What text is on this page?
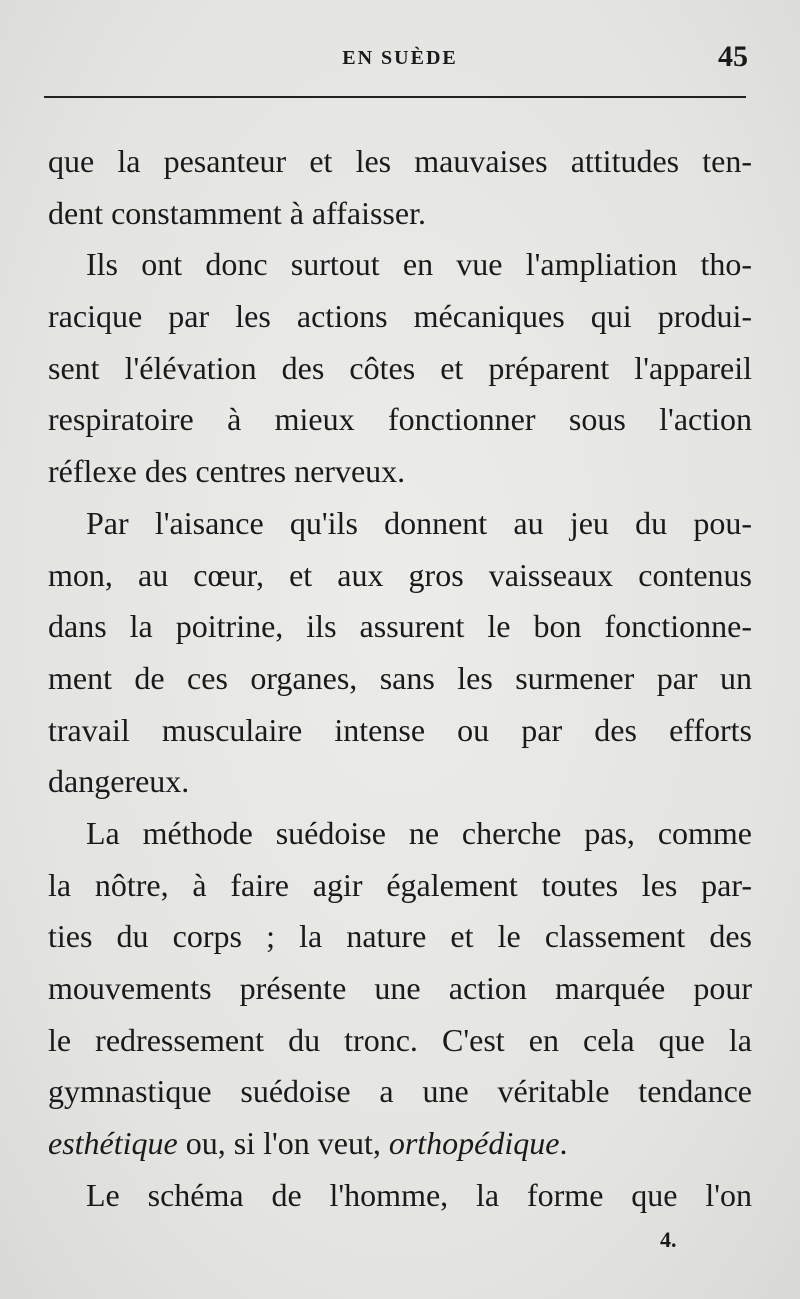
EN SUÈDE	45
que la pesanteur et les mauvaises attitudes ten-
dent constamment à affaisser.
Ils ont donc surtout en vue l'ampliation tho-
racique par les actions mécaniques qui produi-
sent l'élévation des côtes et préparent l'appareil
respiratoire à mieux fonctionner sous l'action
réflexe des centres nerveux.
Par l'aisance qu'ils donnent au jeu du pou-
mon, au cœur, et aux gros vaisseaux contenus
dans la poitrine, ils assurent le bon fonctionne-
ment de ces organes, sans les surmener par un
travail musculaire intense ou par des efforts
dangereux.
La méthode suédoise ne cherche pas, comme
la nôtre, à faire agir également toutes les par-
ties du corps ; la nature et le classement des
mouvements présente une action marquée pour
le redressement du tronc. C'est en cela que la
gymnastique suédoise a une véritable tendance
esthétique ou, si l'on veut, orthopédique.
Le schéma de l'homme, la forme que l'on
4.
